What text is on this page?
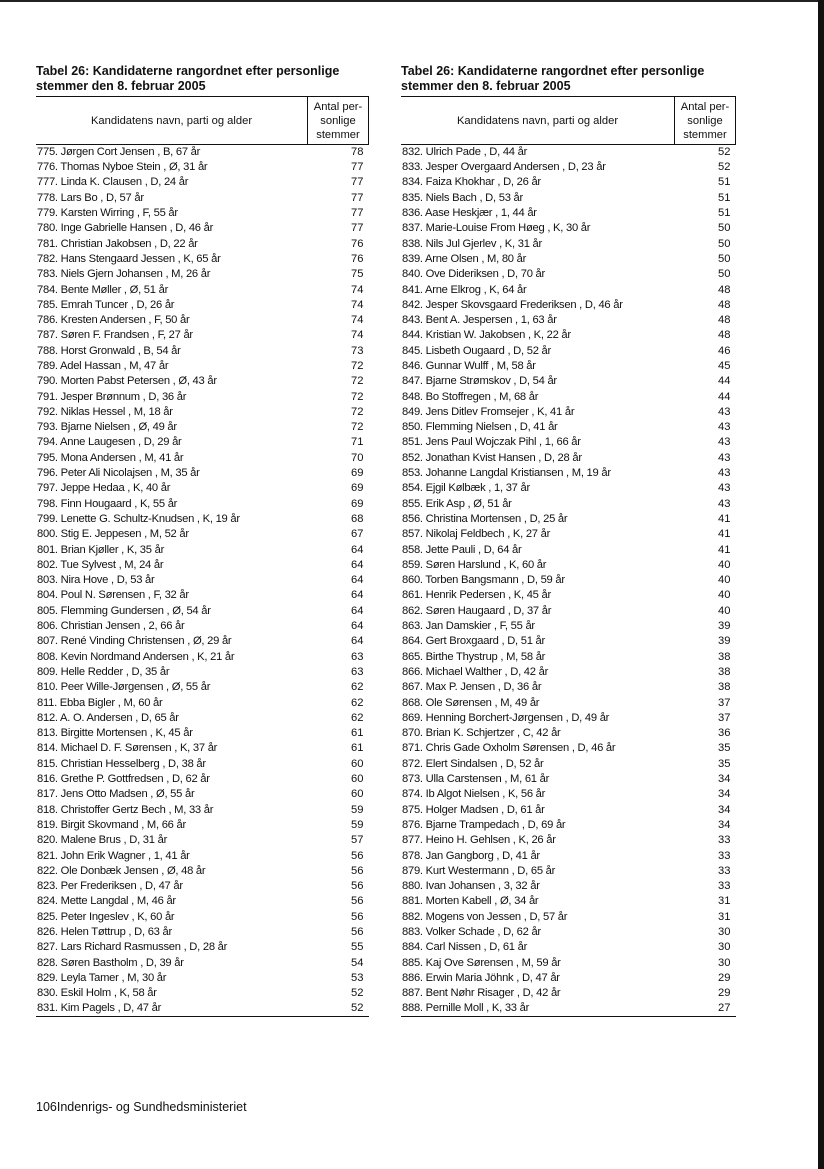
Tabel 26: Kandidaterne rangordnet efter personlige
stemmer den 8. februar 2005
Kandidatens navn, parti og alder	Antal per-
sonlige
stemmer

775. Jørgen Cort Jensen , B, 67 år	78
776. Thomas Nyboe Stein , Ø, 31 år	77
777. Linda K. Clausen , D, 24 år	77
778. Lars Bo , D, 57 år	77
779. Karsten Wirring , F, 55 år	77
780. Inge Gabrielle Hansen , D, 46 år	77
781. Christian Jakobsen , D, 22 år	76
782. Hans Stengaard Jessen , K, 65 år	76
783. Niels Gjern Johansen , M, 26 år	75
784. Bente Møller , Ø, 51 år	74
785. Emrah Tuncer , D, 26 år	74
786. Kresten Andersen , F, 50 år	74
787. Søren F. Frandsen , F, 27 år	74
788. Horst Gronwald , B, 54 år	73
789. Adel Hassan , M, 47 år	72
790. Morten Pabst Petersen , Ø, 43 år	72
791. Jesper Brønnum , D, 36 år	72
792. Niklas Hessel , M, 18 år	72
793. Bjarne Nielsen , Ø, 49 år	72
794. Anne Laugesen , D, 29 år	71
795. Mona Andersen , M, 41 år	70
796. Peter Ali Nicolajsen , M, 35 år	69
797. Jeppe Hedaa , K, 40 år	69
798. Finn Hougaard , K, 55 år	69
799. Lenette G. Schultz-Knudsen , K, 19 år	68
800. Stig E. Jeppesen , M, 52 år	67
801. Brian Kjøller , K, 35 år	64
802. Tue Sylvest , M, 24 år	64
803. Nira Hove , D, 53 år	64
804. Poul N. Sørensen , F, 32 år	64
805. Flemming Gundersen , Ø, 54 år	64
806. Christian Jensen , 2, 66 år	64
807. René Vinding Christensen , Ø, 29 år	64
808. Kevin Nordmand Andersen , K, 21 år	63
809. Helle Redder , D, 35 år	63
810. Peer Wille-Jørgensen , Ø, 55 år	62
811. Ebba Bigler , M, 60 år	62
812. A. O. Andersen , D, 65 år	62
813. Birgitte Mortensen , K, 45 år	61
814. Michael D. F. Sørensen , K, 37 år	61
815. Christian Hesselberg , D, 38 år	60
816. Grethe P. Gottfredsen , D, 62 år	60
817. Jens Otto Madsen , Ø, 55 år	60
818. Christoffer Gertz Bech , M, 33 år	59
819. Birgit Skovmand , M, 66 år	59
820. Malene Brus , D, 31 år	57
821. John Erik Wagner , 1, 41 år	56
822. Ole Donbæk Jensen , Ø, 48 år	56
823. Per Frederiksen , D, 47 år	56
824. Mette Langdal , M, 46 år	56
825. Peter Ingeslev , K, 60 år	56
826. Helen Tøttrup , D, 63 år	56
827. Lars Richard Rasmussen , D, 28 år	55
828. Søren Bastholm , D, 39 år	54
829. Leyla Tamer , M, 30 år	53
830. Eskil Holm , K, 58 år	52
831. Kim Pagels , D, 47 år	52
Tabel 26: Kandidaterne rangordnet efter personlige
stemmer den 8. februar 2005
Kandidatens navn, parti og alder	Antal per-
sonlige
stemmer

832. Ulrich Pade , D, 44 år	52
833. Jesper Overgaard Andersen , D, 23 år	52
834. Faiza Khokhar , D, 26 år	51
835. Niels Bach , D, 53 år	51
836. Aase Heskjær , 1, 44 år	51
837. Marie-Louise From Høeg , K, 30 år	50
838. Nils Jul Gjerlev , K, 31 år	50
839. Arne Olsen , M, 80 år	50
840. Ove Dideriksen , D, 70 år	50
841. Arne Elkrog , K, 64 år	48
842. Jesper Skovsgaard Frederiksen , D, 46 år	48
843. Bent A. Jespersen , 1, 63 år	48
844. Kristian W. Jakobsen , K, 22 år	48
845. Lisbeth Ougaard , D, 52 år	46
846. Gunnar Wulff , M, 58 år	45
847. Bjarne Strømskov , D, 54 år	44
848. Bo Stoffregen , M, 68 år	44
849. Jens Ditlev Fromsejer , K, 41 år	43
850. Flemming Nielsen , D, 41 år	43
851. Jens Paul Wojczak Pihl , 1, 66 år	43
852. Jonathan Kvist Hansen , D, 28 år	43
853. Johanne Langdal Kristiansen , M, 19 år	43
854. Ejgil Kølbæk , 1, 37 år	43
855. Erik Asp , Ø, 51 år	43
856. Christina Mortensen , D, 25 år	41
857. Nikolaj Feldbech , K, 27 år	41
858. Jette Pauli , D, 64 år	41
859. Søren Harslund , K, 60 år	40
860. Torben Bangsmann , D, 59 år	40
861. Henrik Pedersen , K, 45 år	40
862. Søren Haugaard , D, 37 år	40
863. Jan Damskier , F, 55 år	39
864. Gert Broxgaard , D, 51 år	39
865. Birthe Thystrup , M, 58 år	38
866. Michael Walther , D, 42 år	38
867. Max P. Jensen , D, 36 år	38
868. Ole Sørensen , M, 49 år	37
869. Henning Borchert-Jørgensen , D, 49 år	37
870. Brian K. Schjertzer , C, 42 år	36
871. Chris Gade Oxholm Sørensen , D, 46 år	35
872. Elert Sindalsen , D, 52 år	35
873. Ulla Carstensen , M, 61 år	34
874. Ib Algot Nielsen , K, 56 år	34
875. Holger Madsen , D, 61 år	34
876. Bjarne Trampedach , D, 69 år	34
877. Heino H. Gehlsen , K, 26 år	33
878. Jan Gangborg , D, 41 år	33
879. Kurt Westermann , D, 65 år	33
880. Ivan Johansen , 3, 32 år	33
881. Morten Kabell , Ø, 34 år	31
882. Mogens von Jessen , D, 57 år	31
883. Volker Schade , D, 62 år	30
884. Carl Nissen , D, 61 år	30
885. Kaj Ove Sørensen , M, 59 år	30
886. Erwin Maria Jöhnk , D, 47 år	29
887. Bent Nøhr Risager , D, 42 år	29
888. Pernille Moll , K, 33 år	27
106Indenrigs- og Sundhedsministeriet
